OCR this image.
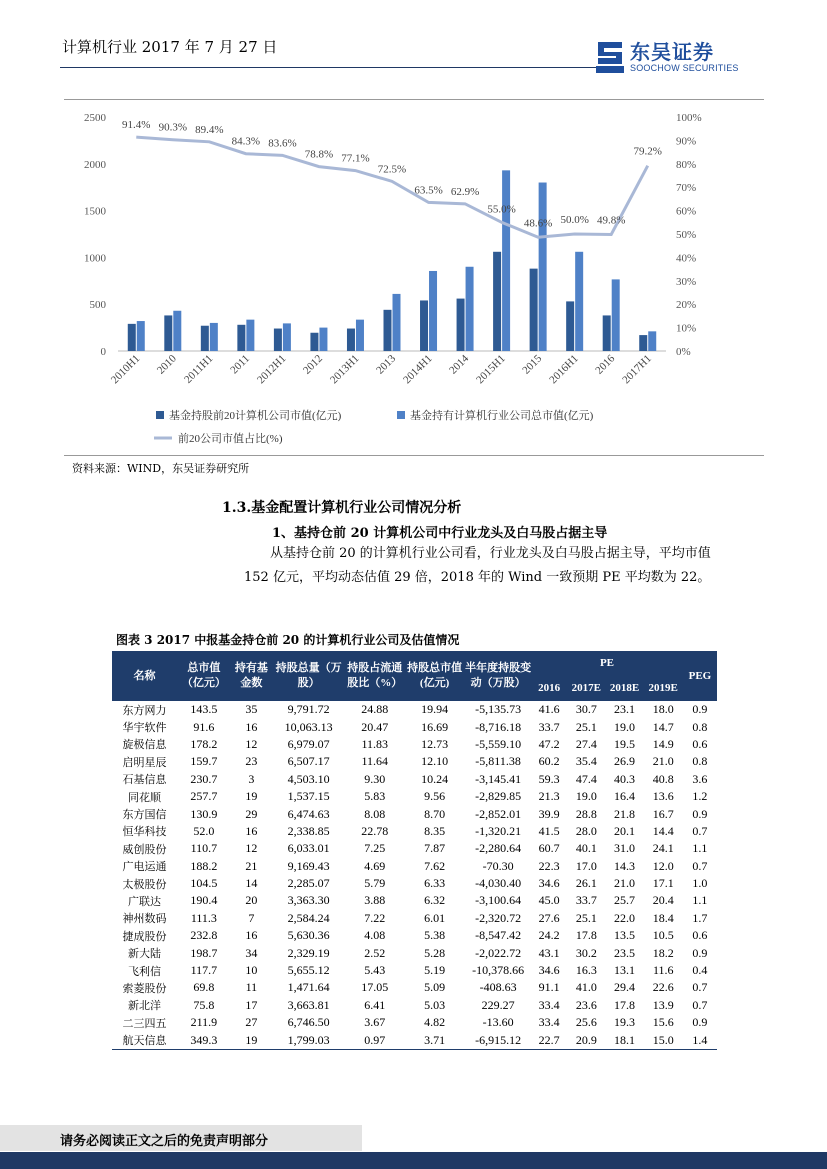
计算机行业 2017 年 7 月 27 日	东吴证券
SOOCHOW SECURITIES
0
500
1000
1500
2000
2500
0%
10%
20%
30%
40%
50%
60%
70%
80%
90%
100%
91.4% 90.3% 89.4%
84.3% 83.6%
78.8% 77.1%
72.5%
63.5% 62.9%
55.0%
48.6% 50.0% 49.8%
79.2%
2010H1 2010 2011H1 2011 2012H1 2012 2013H1 2013 2014H1 2014 2015H1 2015 2016H1 2016 2017H1
基金持股前20计算机公司市值(亿元)	基金持有计算机行业公司总市值(亿元)
前20公司市值占比(%)
资料来源：WIND，东吴证券研究所
1.3.基金配置计算机行业公司情况分析
1、基持仓前 20 计算机公司中行业龙头及白马股占据主导

从基持仓前 20 的计算机行业公司看，行业龙头及白马股占据主导，平均市值 152 亿元，平均动态估值 29 倍，2018 年的 Wind 一致预期 PE 平均数为 22。

图表 3 2017 中报基金持仓前 20 的计算机行业公司及估值情况
名称	总市值（亿元）	持有基金数	持股总量（万股）	持股占流通股比（%）	持股总市值(亿元)	半年度持股变动（万股）	PE				PEG
							2016	2017E	2018E	2019E	
东方网力	143.5	35	9,791.72	24.88	19.94	-5,135.73	41.6	30.7	23.1	18.0	0.9
华宇软件	91.6	16	10,063.13	20.47	16.69	-8,716.18	33.7	25.1	19.0	14.7	0.8
旋极信息	178.2	12	6,979.07	11.83	12.73	-5,559.10	47.2	27.4	19.5	14.9	0.6
启明星辰	159.7	23	6,507.17	11.64	12.10	-5,811.38	60.2	35.4	26.9	21.0	0.8
石基信息	230.7	3	4,503.10	9.30	10.24	-3,145.41	59.3	47.4	40.3	40.8	3.6
同花顺	257.7	19	1,537.15	5.83	9.56	-2,829.85	21.3	19.0	16.4	13.6	1.2
东方国信	130.9	29	6,474.63	8.08	8.70	-2,852.01	39.9	28.8	21.8	16.7	0.9
恒华科技	52.0	16	2,338.85	22.78	8.35	-1,320.21	41.5	28.0	20.1	14.4	0.7
威创股份	110.7	12	6,033.01	7.25	7.87	-2,280.64	60.7	40.1	31.0	24.1	1.1
广电运通	188.2	21	9,169.43	4.69	7.62	-70.30	22.3	17.0	14.3	12.0	0.7
太极股份	104.5	14	2,285.07	5.79	6.33	-4,030.40	34.6	26.1	21.0	17.1	1.0
广联达	190.4	20	3,363.30	3.88	6.32	-3,100.64	45.0	33.7	25.7	20.4	1.1
神州数码	111.3	7	2,584.24	7.22	6.01	-2,320.72	27.6	25.1	22.0	18.4	1.7
捷成股份	232.8	16	5,630.36	4.08	5.38	-8,547.42	24.2	17.8	13.5	10.5	0.6
新大陆	198.7	34	2,329.19	2.52	5.28	-2,022.72	43.1	30.2	23.5	18.2	0.9
飞利信	117.7	10	5,655.12	5.43	5.19	-10,378.66	34.6	16.3	13.1	11.6	0.4
索菱股份	69.8	11	1,471.64	17.05	5.09	-408.63	91.1	41.0	29.4	22.6	0.7
新北洋	75.8	17	3,663.81	6.41	5.03	229.27	33.4	23.6	17.8	13.9	0.7
二三四五	211.9	27	6,746.50	3.67	4.82	-13.60	33.4	25.6	19.3	15.6	0.9
航天信息	349.3	19	1,799.03	0.97	3.71	-6,915.12	22.7	20.9	18.1	15.0	1.4
请务必阅读正文之后的免责声明部分
